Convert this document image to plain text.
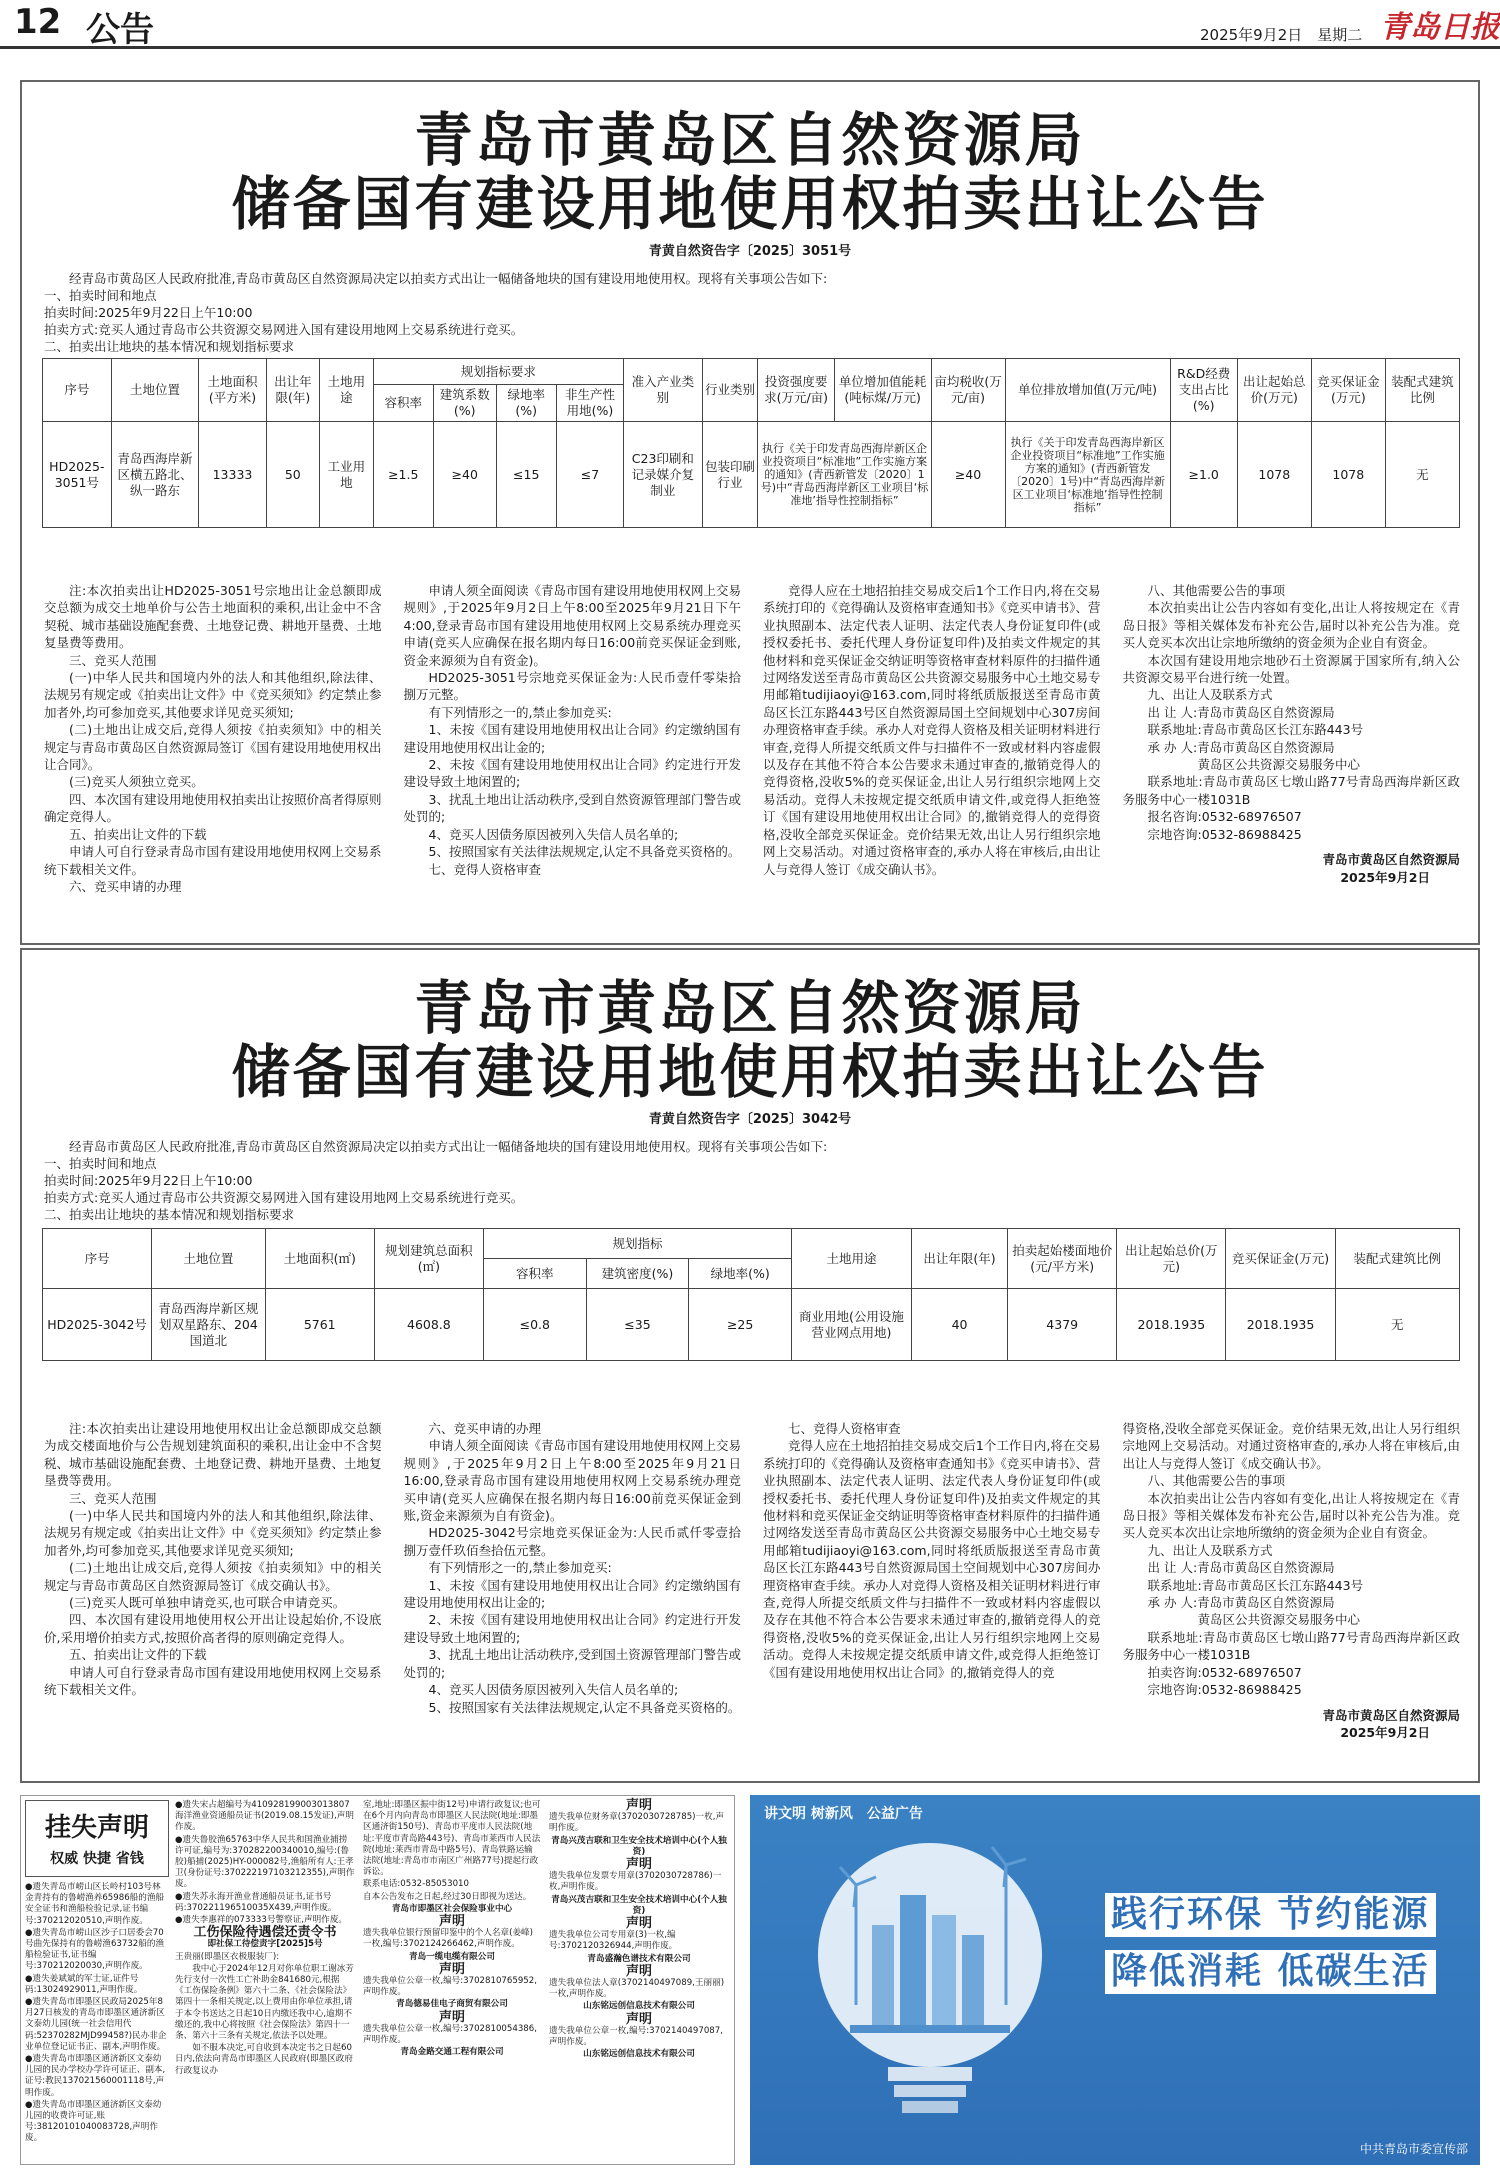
12 公告	2025年9月2日　星期二 青岛日报
青岛市黄岛区自然资源局
储备国有建设用地使用权拍卖出让公告
青黄自然资告字〔2025〕3051号

经青岛市黄岛区人民政府批准,青岛市黄岛区自然资源局决定以拍卖方式出让一幅储备地块的国有建设用地使用权。现将有关事项公告如下:

一、拍卖时间和地点

拍卖时间:2025年9月22日上午10:00

拍卖方式:竞买人通过青岛市公共资源交易网进入国有建设用地网上交易系统进行竞买。

二、拍卖出让地块的基本情况和规划指标要求

序号	土地位置	土地面积(平方米)	出让年限(年)	土地用途	规划指标要求				准入产业类别	行业类别	投资强度要求(万元/亩)	单位增加值能耗(吨标煤/万元)	亩均税收(万元/亩)	单位排放增加值(万元/吨)	R&D经费支出占比(%)	出让起始总价(万元)	竞买保证金(万元)	装配式建筑比例
					容积率	建筑系数(%)	绿地率(%)	非生产性用地(%)										
HD2025-3051号	青岛西海岸新区横五路北、纵一路东	13333	50	工业用地	≥1.5	≥40	≤15	≤7	C23印刷和记录媒介复制业	包装印刷行业	执行《关于印发青岛西海岸新区企业投资项目“标准地”工作实施方案的通知》(青西新管发〔2020〕1号)中“青岛西海岸新区工业项目‘标准地’指导性控制指标”		≥40	执行《关于印发青岛西海岸新区企业投资项目“标准地”工作实施方案的通知》(青西新管发〔2020〕1号)中“青岛西海岸新区工业项目‘标准地’指导性控制指标”	≥1.0	1078	1078	无

注:本次拍卖出让HD2025-3051号宗地出让金总额即成交总额为成交土地单价与公告土地面积的乘积,出让金中不含契税、城市基础设施配套费、土地登记费、耕地开垦费、土地复垦费等费用。

三、竞买人范围

(一)中华人民共和国境内外的法人和其他组织,除法律、法规另有规定或《拍卖出让文件》中《竞买须知》约定禁止参加者外,均可参加竞买,其他要求详见竞买须知;

(二)土地出让成交后,竞得人须按《拍卖须知》中的相关规定与青岛市黄岛区自然资源局签订《国有建设用地使用权出让合同》。

(三)竞买人须独立竞买。

四、本次国有建设用地使用权拍卖出让按照价高者得原则确定竞得人。

五、拍卖出让文件的下载

申请人可自行登录青岛市国有建设用地使用权网上交易系统下载相关文件。

六、竞买申请的办理

申请人须全面阅读《青岛市国有建设用地使用权网上交易规则》,于2025年9月2日上午8:00至2025年9月21日下午4:00,登录青岛市国有建设用地使用权网上交易系统办理竞买申请(竞买人应确保在报名期内每日16:00前竞买保证金到账,资金来源须为自有资金)。

HD2025-3051号宗地竞买保证金为:人民币壹仟零柒拾捌万元整。

有下列情形之一的,禁止参加竞买:

1、未按《国有建设用地使用权出让合同》约定缴纳国有建设用地使用权出让金的;

2、未按《国有建设用地使用权出让合同》约定进行开发建设导致土地闲置的;

3、扰乱土地出让活动秩序,受到自然资源管理部门警告或处罚的;

4、竞买人因债务原因被列入失信人员名单的;

5、按照国家有关法律法规规定,认定不具备竞买资格的。

七、竞得人资格审查

竞得人应在土地招拍挂交易成交后1个工作日内,将在交易系统打印的《竞得确认及资格审查通知书》《竞买申请书》、营业执照副本、法定代表人证明、法定代表人身份证复印件(或授权委托书、委托代理人身份证复印件)及拍卖文件规定的其他材料和竞买保证金交纳证明等资格审查材料原件的扫描件通过网络发送至青岛市黄岛区公共资源交易服务中心土地交易专用邮箱tudijiaoyi@163.com,同时将纸质版报送至青岛市黄岛区长江东路443号区自然资源局国土空间规划中心307房间办理资格审查手续。承办人对竞得人资格及相关证明材料进行审查,竞得人所提交纸质文件与扫描件不一致或材料内容虚假以及存在其他不符合本公告要求未通过审查的,撤销竞得人的竞得资格,没收5%的竞买保证金,出让人另行组织宗地网上交易活动。竞得人未按规定提交纸质申请文件,或竞得人拒绝签订《国有建设用地使用权出让合同》的,撤销竞得人的竞得资格,没收全部竞买保证金。竞价结果无效,出让人另行组织宗地网上交易活动。对通过资格审查的,承办人将在审核后,由出让人与竞得人签订《成交确认书》。

八、其他需要公告的事项

本次拍卖出让公告内容如有变化,出让人将按规定在《青岛日报》等相关媒体发布补充公告,届时以补充公告为准。竞买人竞买本次出让宗地所缴纳的资金须为企业自有资金。

本次国有建设用地宗地砂石土资源属于国家所有,纳入公共资源交易平台进行统一处置。

九、出让人及联系方式

出 让 人:青岛市黄岛区自然资源局

联系地址:青岛市黄岛区长江东路443号

承 办 人:青岛市黄岛区自然资源局

黄岛区公共资源交易服务中心

联系地址:青岛市黄岛区七墩山路77号青岛西海岸新区政务服务中心一楼1031B

报名咨询:0532-68976507

宗地咨询:0532-86988425

青岛市黄岛区自然资源局

2025年9月2日

青岛市黄岛区自然资源局
储备国有建设用地使用权拍卖出让公告
青黄自然资告字〔2025〕3042号

经青岛市黄岛区人民政府批准,青岛市黄岛区自然资源局决定以拍卖方式出让一幅储备地块的国有建设用地使用权。现将有关事项公告如下:

一、拍卖时间和地点

拍卖时间:2025年9月22日上午10:00

拍卖方式:竞买人通过青岛市公共资源交易网进入国有建设用地网上交易系统进行竞买。

二、拍卖出让地块的基本情况和规划指标要求

序号	土地位置	土地面积(㎡)	规划建筑总面积(㎡)	规划指标			土地用途	出让年限(年)	拍卖起始楼面地价(元/平方米)	出让起始总价(万元)	竞买保证金(万元)	装配式建筑比例
				容积率	建筑密度(%)	绿地率(%)						
HD2025-3042号	青岛西海岸新区规划双星路东、204国道北	5761	4608.8	≤0.8	≤35	≥25	商业用地(公用设施营业网点用地)	40	4379	2018.1935	2018.1935	无

注:本次拍卖出让建设用地使用权出让金总额即成交总额为成交楼面地价与公告规划建筑面积的乘积,出让金中不含契税、城市基础设施配套费、土地登记费、耕地开垦费、土地复垦费等费用。

三、竞买人范围

(一)中华人民共和国境内外的法人和其他组织,除法律、法规另有规定或《拍卖出让文件》中《竞买须知》约定禁止参加者外,均可参加竞买,其他要求详见竞买须知;

(二)土地出让成交后,竞得人须按《拍卖须知》中的相关规定与青岛市黄岛区自然资源局签订《成交确认书》。

(三)竞买人既可单独申请竞买,也可联合申请竞买。

四、本次国有建设用地使用权公开出让设起始价,不设底价,采用增价拍卖方式,按照价高者得的原则确定竞得人。

五、拍卖出让文件的下载

申请人可自行登录青岛市国有建设用地使用权网上交易系统下载相关文件。

六、竞买申请的办理

申请人须全面阅读《青岛市国有建设用地使用权网上交易规则》,于2025年9月2日上午8:00至2025年9月21日16:00,登录青岛市国有建设用地使用权网上交易系统办理竞买申请(竞买人应确保在报名期内每日16:00前竞买保证金到账,资金来源须为自有资金)。

HD2025-3042号宗地竞买保证金为:人民币贰仟零壹拾捌万壹仟玖佰叁拾伍元整。

有下列情形之一的,禁止参加竞买:

1、未按《国有建设用地使用权出让合同》约定缴纳国有建设用地使用权出让金的;

2、未按《国有建设用地使用权出让合同》约定进行开发建设导致土地闲置的;

3、扰乱土地出让活动秩序,受到国土资源管理部门警告或处罚的;

4、竞买人因债务原因被列入失信人员名单的;

5、按照国家有关法律法规规定,认定不具备竞买资格的。

七、竞得人资格审查

竞得人应在土地招拍挂交易成交后1个工作日内,将在交易系统打印的《竞得确认及资格审查通知书》《竞买申请书》、营业执照副本、法定代表人证明、法定代表人身份证复印件(或授权委托书、委托代理人身份证复印件)及拍卖文件规定的其他材料和竞买保证金交纳证明等资格审查材料原件的扫描件通过网络发送至青岛市黄岛区公共资源交易服务中心土地交易专用邮箱tudijiaoyi@163.com,同时将纸质版报送至青岛市黄岛区长江东路443号自然资源局国土空间规划中心307房间办理资格审查手续。承办人对竞得人资格及相关证明材料进行审查,竞得人所提交纸质文件与扫描件不一致或材料内容虚假以及存在其他不符合本公告要求未通过审查的,撤销竞得人的竞得资格,没收5%的竞买保证金,出让人另行组织宗地网上交易活动。竞得人未按规定提交纸质申请文件,或竞得人拒绝签订《国有建设用地使用权出让合同》的,撤销竞得人的竞

得资格,没收全部竞买保证金。竞价结果无效,出让人另行组织宗地网上交易活动。对通过资格审查的,承办人将在审核后,由出让人与竞得人签订《成交确认书》。

八、其他需要公告的事项

本次拍卖出让公告内容如有变化,出让人将按规定在《青岛日报》等相关媒体发布补充公告,届时以补充公告为准。竞买人竞买本次出让宗地所缴纳的资金须为企业自有资金。

九、出让人及联系方式

出 让 人:青岛市黄岛区自然资源局

联系地址:青岛市黄岛区长江东路443号

承 办 人:青岛市黄岛区自然资源局

黄岛区公共资源交易服务中心

联系地址:青岛市黄岛区七墩山路77号青岛西海岸新区政务服务中心一楼1031B

拍卖咨询:0532-68976507

宗地咨询:0532-86988425

青岛市黄岛区自然资源局

2025年9月2日

挂失声明
权威 快捷 省钱

●遗失青岛市崂山区长岭村103号林金青持有的鲁崂渔养65986船的渔船安全证书和渔船检验记录,证书编号:370212020510,声明作废。

●遗失青岛市崂山区沙子口居委会70号曲先保持有的鲁崂渔63732船的渔船检验证书,证书编号:370212020030,声明作废。

●遗失姜斌斌的军士证,证件号码:13024929011,声明作废。

●遗失青岛市即墨区民政局2025年8月27日核发的青岛市即墨区通济新区文泰幼儿园(统一社会信用代码:52370282MJD99458?)民办非企业单位登记证书正、副本,声明作废。

●遗失青岛市即墨区通济新区文泰幼儿园的民办学校办学许可证正、副本,证号:教民137021560001118号,声明作废。

●遗失青岛市即墨区通济新区文泰幼儿园的收费许可证,账号:38120101040083728,声明作废。

●遗失宋占超编号为410928199003013807海洋渔业资通船员证书(2019.08.15发证),声明作废。

●遗失鲁胶渔65763中华人民共和国渔业捕捞许可证,编号为:370282200340010,编号:(鲁胶)船捕(2025)HY-000082号,渔船所有人:王孝卫(身份证号:370222197103212355),声明作废。

●遗失苏永海开渔业普通船员证书,证书号码:370221196510035X439,声明作废。

●遗失李惠祥的073333号警察证,声明作废。

工伤保险待遇偿还责令书

即社保工待偿责字[2025]5号

王贵丽(即墨区衣极服装厂):

我中心于2024年12月对你单位职工谢冰芳先行支付一次性工亡补助金841680元,根据《工伤保险条例》第六十二条、《社会保险法》第四十一条相关规定,以上费用由你单位承担,请于本令书送达之日起10日内缴还我中心,逾期不缴还的,我中心将按照《社会保险法》第四十一条、第六十三条有关规定,依法予以处理。

如不服本决定,可自收到本决定书之日起60日内,依法向青岛市即墨区人民政府(即墨区政府行政复议办

室,地址:即墨区振中街12号)申请行政复议;也可在6个月内向青岛市即墨区人民法院(地址:即墨区通济街150号)、青岛市平度市人民法院(地址:平度市青岛路443号)、青岛市莱西市人民法院(地址:莱西市青岛中路5号)、青岛铁路运输法院(地址:青岛市市南区广州路77号)提起行政诉讼。

联系电话:0532-85053010

自本公告发布之日起,经过30日即视为送达。

青岛市即墨区社会保险事业中心

声明

遗失我单位银行预留印鉴中的个人名章(姜峰)一枚,编号:3702124266462,声明作废。

青岛一缆电缆有限公司

声明

遗失我单位公章一枚,编号:3702810765952,声明作废。

青岛德易佳电子商贸有限公司

声明

遗失我单位公章一枚,编号:3702810054386,声明作废。

青岛金路交通工程有限公司

声明

遗失我单位财务章(3702030728785)一枚,声明作废。

青岛兴茂吉联和卫生安全技术培训中心(个人独资)

声明

遗失我单位发票专用章(3702030728786)一枚,声明作废。

青岛兴茂吉联和卫生安全技术培训中心(个人独资)

声明

遗失我单位公司专用章(3)一枚,编号:3702120326944,声明作废。

青岛盛瀚色谱技术有限公司

声明

遗失我单位法人章(3702140497089,王丽丽)一枚,声明作废。

山东铭远创信息技术有限公司

声明

遗失我单位公章一枚,编号:3702140497087,声明作废。

山东铭远创信息技术有限公司

讲文明 树新风　公益广告
践行环保 节约能源
降低消耗 低碳生活
中共青岛市委宣传部
